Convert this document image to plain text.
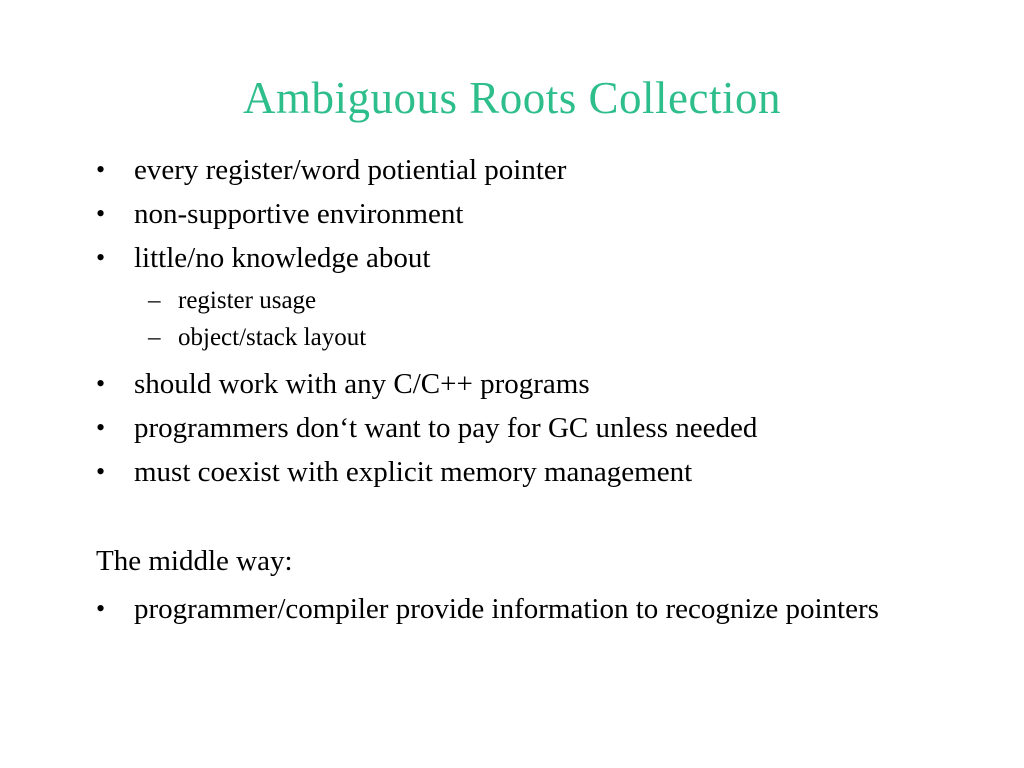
Ambiguous Roots Collection
• every register/word potiential pointer
• non-supportive environment
• little/no knowledge about
– register usage
– object/stack layout
• should work with any C/C++ programs
• programmers don‘t want to pay for GC unless needed
• must coexist with explicit memory management
The middle way:
• programmer/compiler provide information to recognize pointers
